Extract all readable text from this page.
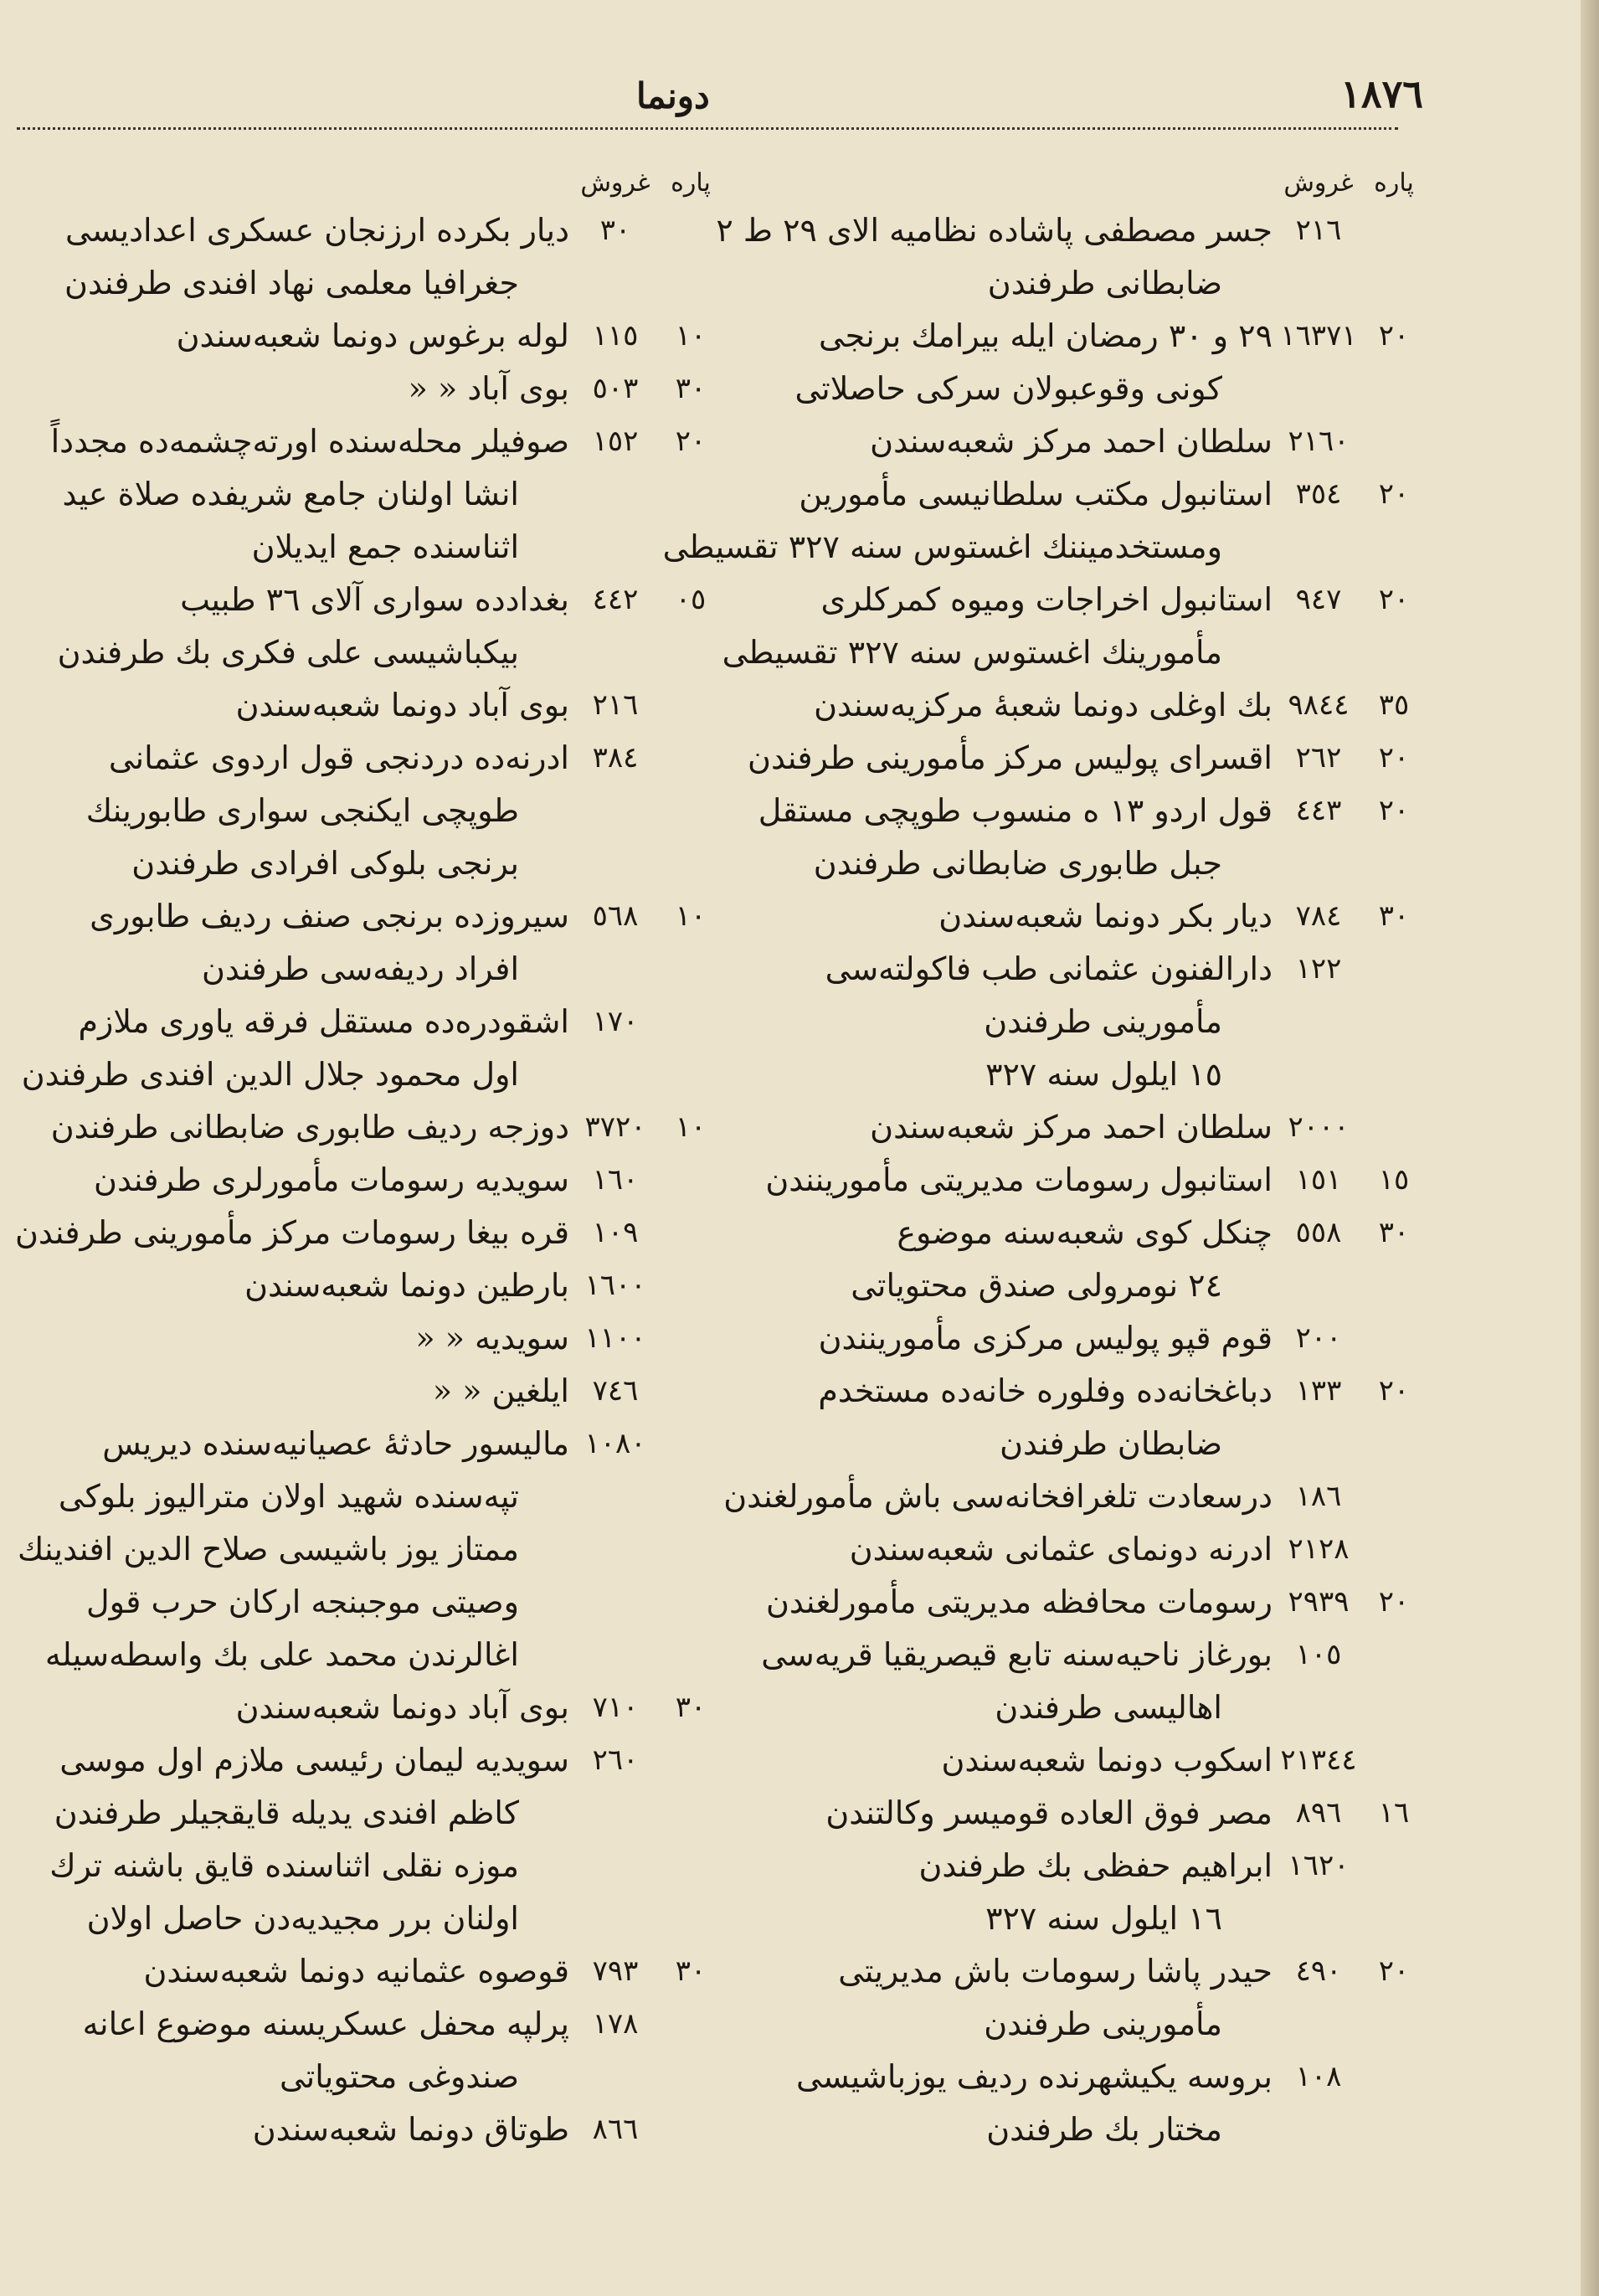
١٨٧٦
دونما
پاره
غروش
٢١٦
جسر مصطفی پاشاده نظامیه الای ٢٩ ط ٢
ضابطانی طرفندن
٢٠
١٦٣٧١
٢٩ و ٣٠ رمضان ایله بیرامك برنجی
کونی وقوعبولان سرکی حاصلاتی
٢١٦٠
سلطان احمد مرکز شعبه‌سندن
٢٠
٣٥٤
استانبول مکتب سلطانیسی مأمورین
ومستخدمیننك اغستوس سنه ٣٢٧ تقسیطی
٢٠
٩٤٧
استانبول اخراجات ومیوه کمرکلری
مأمورینك اغستوس سنه ٣٢٧ تقسیطی
٣٥
٩٨٤٤
بك اوغلی دونما شعبهٔ مرکزیه‌سندن
٢٠
٢٦٢
اقسرای پولیس مرکز مأمورینی طرفندن
٢٠
٤٤٣
قول اردو ١٣ ه منسوب طوپچی مستقل
جبل طابوری ضابطانی طرفندن
٣٠
٧٨٤
دیار بکر دونما شعبه‌سندن
١٢٢
دارالفنون عثمانی طب فاکولته‌سی
مأمورینی طرفندن
١٥ ایلول سنه ٣٢٧
٢٠٠٠
سلطان احمد مرکز شعبه‌سندن
١٥
١٥١
استانبول رسومات مدیریتی مأمورینندن
٣٠
٥٥٨
چنکل کوی شعبه‌سنه موضوع
٢٤ نومرولی صندق محتویاتی
٢٠٠
قوم قپو پولیس مرکزی مأمورینندن
٢٠
١٣٣
دباغخانه‌ده وفلوره خانه‌ده مستخدم
ضابطان طرفندن
١٨٦
درسعادت تلغرافخانه‌سی باش مأمورلغندن
٢١٢٨
ادرنه دونمای عثمانی شعبه‌سندن
٢٠
٢٩٣٩
رسومات محافظه مدیریتی مأمورلغندن
١٠٥
بورغاز ناحیه‌سنه تابع قیصریقیا قریه‌سی
اهالیسی طرفندن
٢١٣٤٤
اسکوب دونما شعبه‌سندن
١٦
٨٩٦
مصر فوق العاده قومیسر وکالتندن
١٦٢٠
ابراهیم حفظی بك طرفندن
١٦ ایلول سنه ٣٢٧
٢٠
٤٩٠
حیدر پاشا رسومات باش مدیریتی
مأمورینی طرفندن
١٠٨
بروسه یکیشهرنده ردیف یوزباشیسی
مختار بك طرفندن
پاره
غروش
٣٠
دیار بکرده ارزنجان عسکری اعدادیسی
جغرافیا معلمی نهاد افندی طرفندن
١٠
١١٥
لوله برغوس دونما شعبه‌سندن
٣٠
٥٠٣
بوی آباد « «
٢٠
١٥٢
صوفیلر محله‌سنده اورته‌چشمه‌ده مجدداً
انشا اولنان جامع شریفده صلاة عید
اثناسنده جمع ایدیلان
٠٥
٤٤٢
بغدادده سواری آلای ٣٦ طبیب
بیکباشیسی علی فکری بك طرفندن
٢١٦
بوی آباد دونما شعبه‌سندن
٣٨٤
ادرنه‌ده دردنجی قول اردوی عثمانی
طوپچی ایکنجی سواری طابورینك
برنجی بلوکی افرادی طرفندن
١٠
٥٦٨
سیروزده برنجی صنف ردیف طابوری
افراد ردیفه‌سی طرفندن
١٧٠
اشقودره‌ده مستقل فرقه یاوری ملازم
اول محمود جلال الدین افندی طرفندن
١٠
٣٧٢٠
دوزجه ردیف طابوری ضابطانی طرفندن
١٦٠
سویدیه رسومات مأمورلری طرفندن
١٠٩
قره بیغا رسومات مرکز مأمورینی طرفندن
١٦٠٠
بارطین دونما شعبه‌سندن
١١٠٠
سویدیه « «
٧٤٦
ایلغین « «
١٠٨٠
مالیسور حادثهٔ عصیانیه‌سنده دیریس
تپه‌سنده شهید اولان مترالیوز بلوکی
ممتاز یوز باشیسی صلاح الدین افندینك
وصیتی موجبنجه ارکان حرب قول
اغالرندن محمد علی بك واسطه‌سیله
٣٠
٧١٠
بوی آباد دونما شعبه‌سندن
٢٦٠
سویدیه لیمان رئیسی ملازم اول موسی
کاظم افندی یدیله قایقجیلر طرفندن
موزه نقلی اثناسنده قایق باشنه ترك
اولنان برر مجیدیه‌دن حاصل اولان
٣٠
٧٩٣
قوصوه عثمانیه دونما شعبه‌سندن
١٧٨
پرلپه محفل عسکریسنه موضوع اعانه
صندوغی محتویاتی
٨٦٦
طوتاق دونما شعبه‌سندن
